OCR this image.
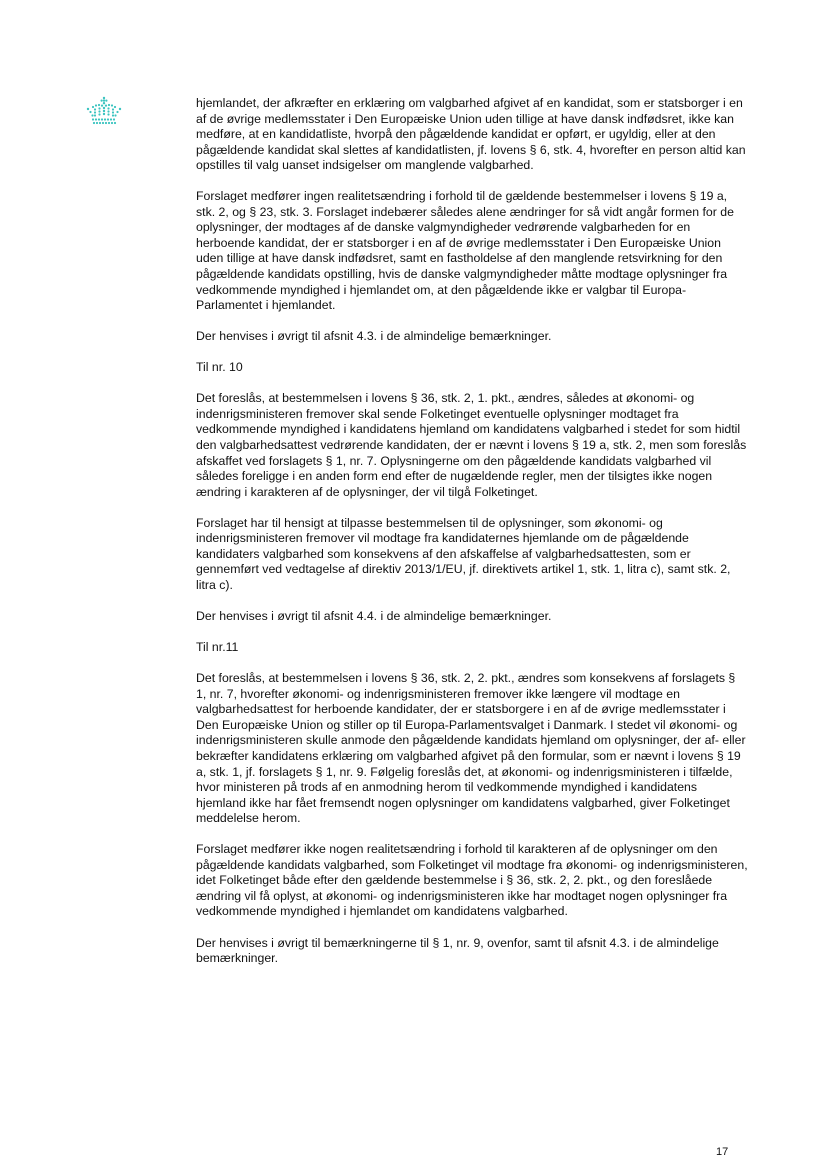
hjemlandet, der afkræfter en erklæring om valgbarhed afgivet af en kandidat, som er statsborger i en af de øvrige medlemsstater i Den Europæiske Union uden tillige at have dansk indfødsret, ikke kan medføre, at en kandidatliste, hvorpå den pågældende kandidat er opført, er ugyldig, eller at den pågældende kandidat skal slettes af kandidatlisten, jf. lovens § 6, stk. 4, hvorefter en person altid kan opstilles til valg uanset indsigelser om manglende valgbarhed.

Forslaget medfører ingen realitetsændring i forhold til de gældende bestemmelser i lovens § 19 a, stk. 2, og § 23, stk. 3. Forslaget indebærer således alene ændringer for så vidt angår formen for de oplysninger, der modtages af de danske valgmyndigheder vedrørende valgbarheden for en herboende kandidat, der er statsborger i en af de øvrige medlemsstater i Den Europæiske Union uden tillige at have dansk indfødsret, samt en fastholdelse af den manglende retsvirkning for den pågældende kandidats opstilling, hvis de danske valgmyndigheder måtte modtage oplysninger fra vedkommende myndighed i hjemlandet om, at den pågældende ikke er valgbar til Europa-Parlamentet i hjemlandet.

Der henvises i øvrigt til afsnit 4.3. i de almindelige bemærkninger.

Til nr. 10

Det foreslås, at bestemmelsen i lovens § 36, stk. 2, 1. pkt., ændres, således at økonomi- og indenrigsministeren fremover skal sende Folketinget eventuelle oplysninger modtaget fra vedkommende myndighed i kandidatens hjemland om kandidatens valgbarhed i stedet for som hidtil den valgbarhedsattest vedrørende kandidaten, der er nævnt i lovens § 19 a, stk. 2, men som foreslås afskaffet ved forslagets § 1, nr. 7. Oplysningerne om den pågældende kandidats valgbarhed vil således foreligge i en anden form end efter de nugældende regler, men der tilsigtes ikke nogen ændring i karakteren af de oplysninger, der vil tilgå Folketinget.

Forslaget har til hensigt at tilpasse bestemmelsen til de oplysninger, som økonomi- og indenrigsministeren fremover vil modtage fra kandidaternes hjemlande om de pågældende kandidaters valgbarhed som konsekvens af den afskaffelse af valgbarhedsattesten, som er gennemført ved vedtagelse af direktiv 2013/1/EU, jf. direktivets artikel 1, stk. 1, litra c), samt stk. 2, litra c).

Der henvises i øvrigt til afsnit 4.4. i de almindelige bemærkninger.

Til nr.11

Det foreslås, at bestemmelsen i lovens § 36, stk. 2, 2. pkt., ændres som konsekvens af forslagets § 1, nr. 7, hvorefter økonomi- og indenrigsministeren fremover ikke længere vil modtage en valgbarhedsattest for herboende kandidater, der er statsborgere i en af de øvrige medlemsstater i Den Europæiske Union og stiller op til Europa-Parlamentsvalget i Danmark. I stedet vil økonomi- og indenrigsministeren skulle anmode den pågældende kandidats hjemland om oplysninger, der af- eller bekræfter kandidatens erklæring om valgbarhed afgivet på den formular, som er nævnt i lovens § 19 a, stk. 1, jf. forslagets § 1, nr. 9. Følgelig foreslås det, at økonomi- og indenrigsministeren i tilfælde, hvor ministeren på trods af en anmodning herom til vedkommende myndighed i kandidatens hjemland ikke har fået fremsendt nogen oplysninger om kandidatens valgbarhed, giver Folketinget meddelelse herom.

Forslaget medfører ikke nogen realitetsændring i forhold til karakteren af de oplysninger om den pågældende kandidats valgbarhed, som Folketinget vil modtage fra økonomi- og indenrigsministeren, idet Folketinget både efter den gældende bestemmelse i § 36, stk. 2, 2. pkt., og den foreslåede ændring vil få oplyst, at økonomi- og indenrigsministeren ikke har modtaget nogen oplysninger fra vedkommende myndighed i hjemlandet om kandidatens valgbarhed.

Der henvises i øvrigt til bemærkningerne til § 1, nr. 9, ovenfor, samt til afsnit 4.3. i de almindelige bemærkninger.

17
